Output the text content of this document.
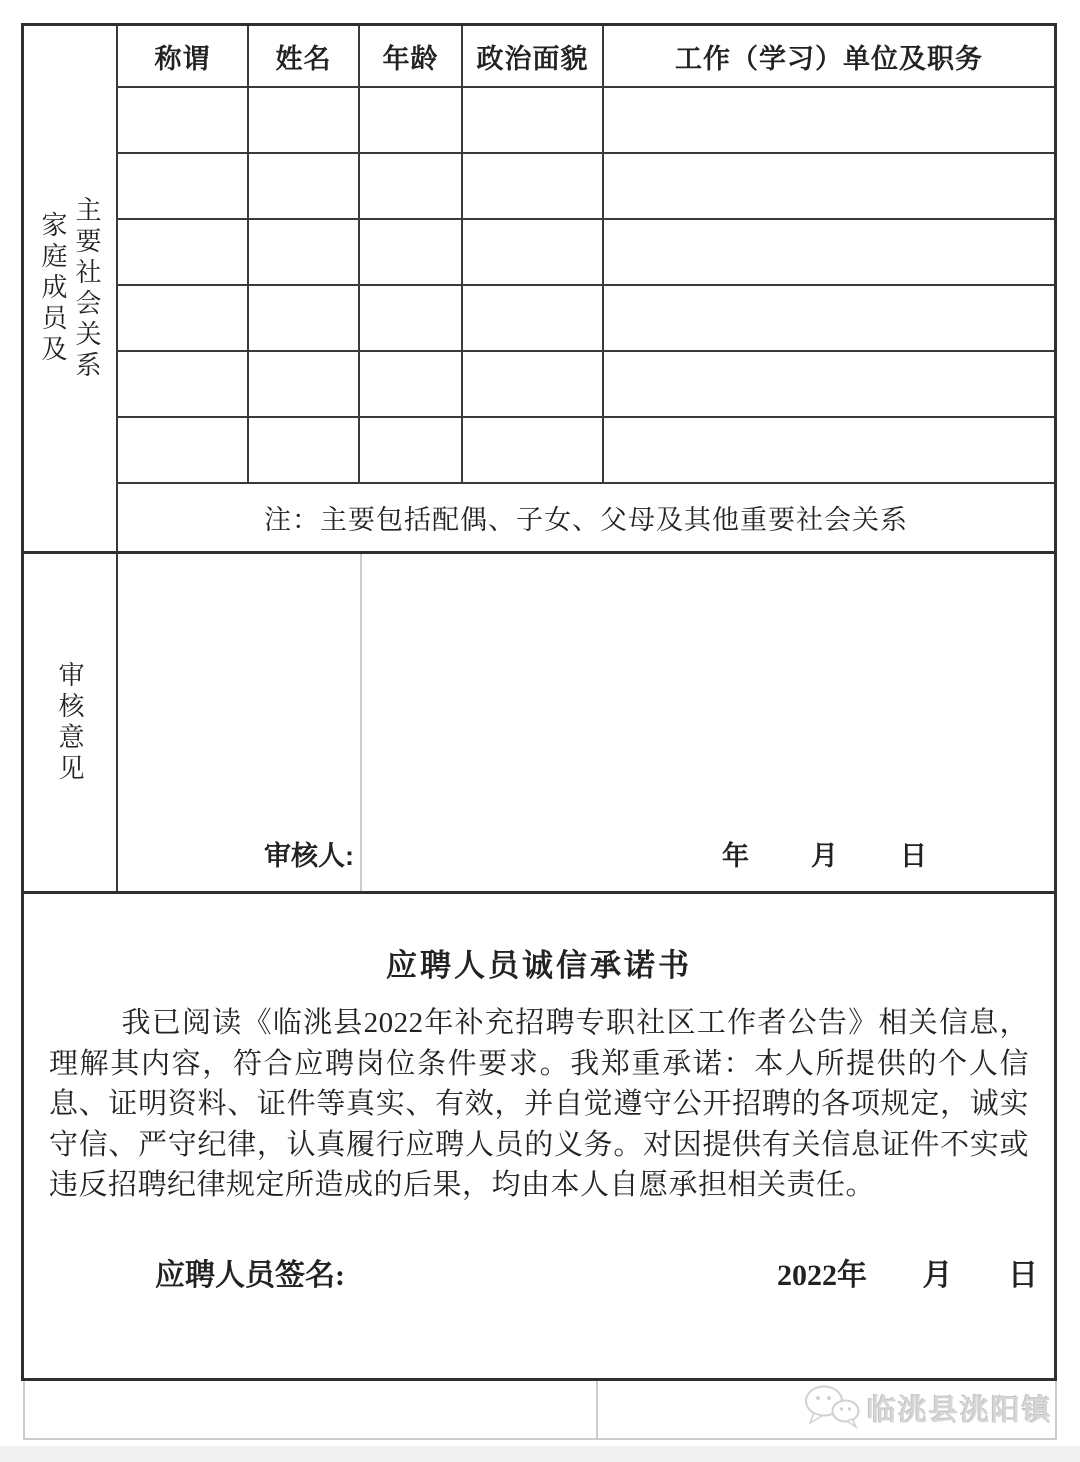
家庭成员及 主要社会关系
称谓	姓名	年龄	政治面貌	工作（学习）单位及职务
注：主要包括配偶、子女、父母及其他重要社会关系
审核意见
审核人:	年 月 日
应聘人员诚信承诺书
我已阅读《临洮县2022年补充招聘专职社区工作者公告》相关信息，理解其内容，符合应聘岗位条件要求。我郑重承诺：本人所提供的个人信息、证明资料、证件等真实、有效，并自觉遵守公开招聘的各项规定，诚实守信、严守纪律，认真履行应聘人员的义务。对因提供有关信息证件不实或违反招聘纪律规定所造成的后果，均由本人自愿承担相关责任。
应聘人员签名:	2022年 月 日
临洮县洮阳镇
